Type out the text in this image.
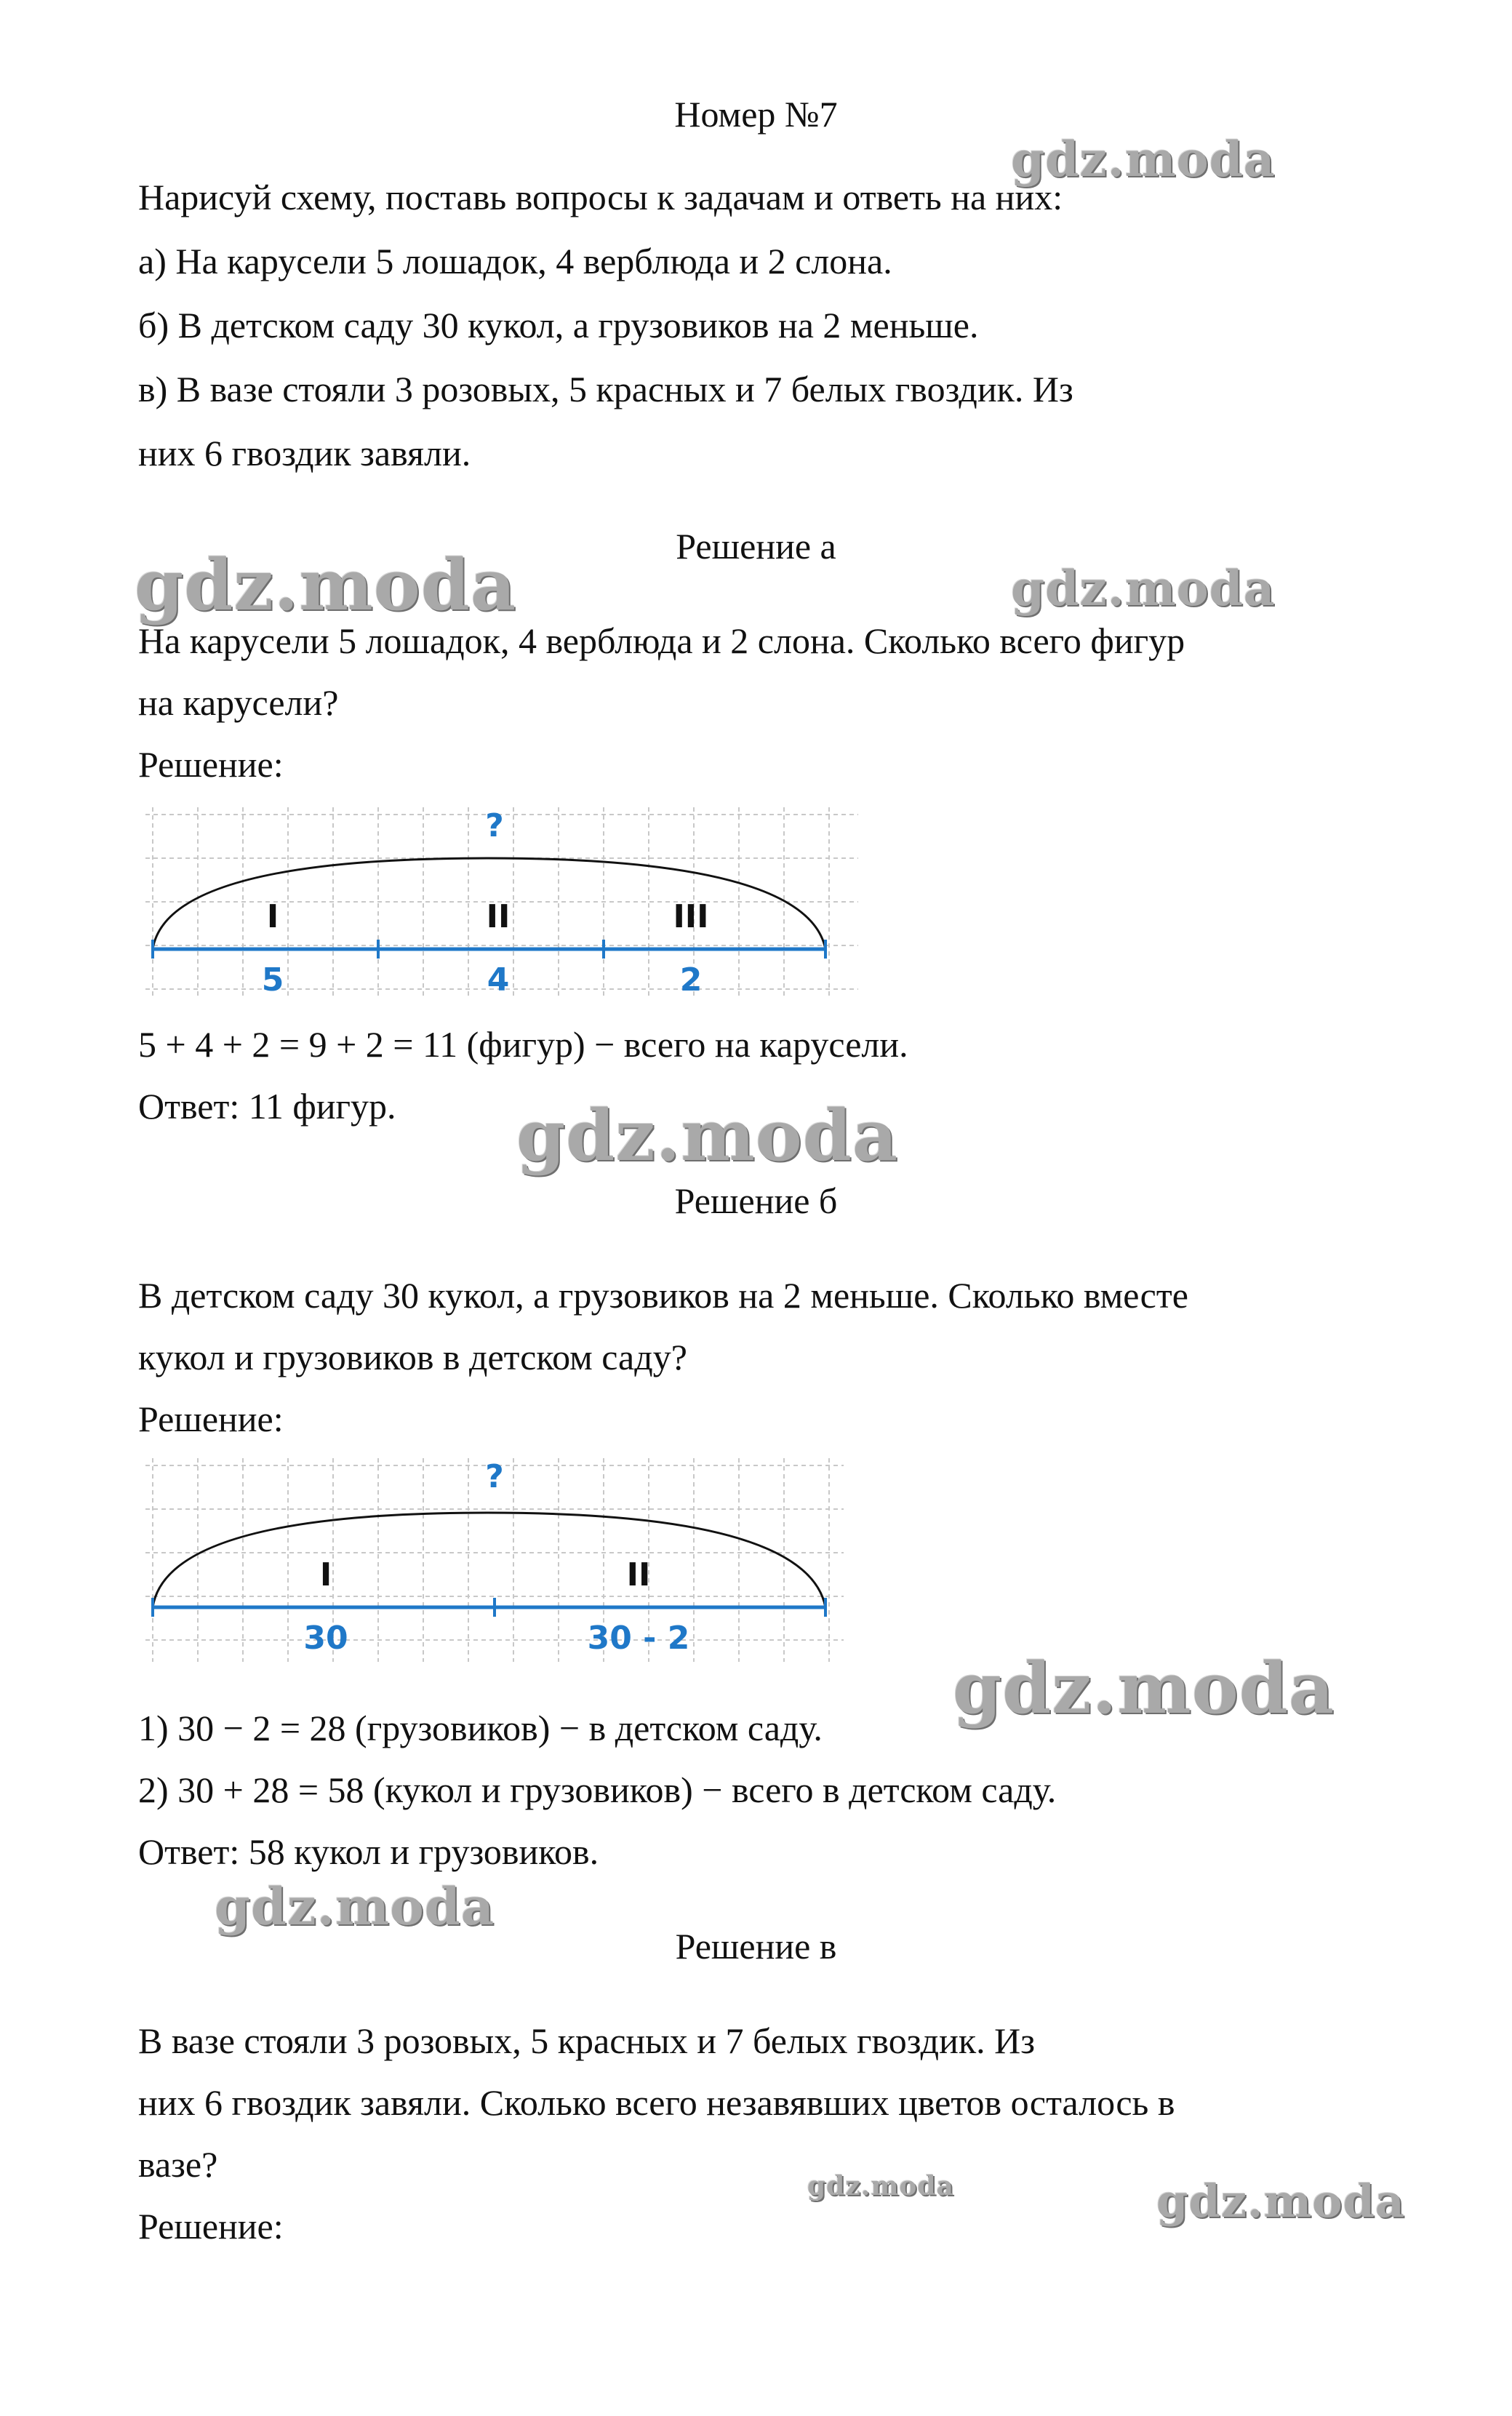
Номер №7
Нарисуй схему, поставь вопросы к задачам и ответь на них:
а) На карусели 5 лошадок, 4 верблюда и 2 слона.
б) В детском саду 30 кукол, а грузовиков на 2 меньше.
в) В вазе стояли 3 розовых, 5 красных и 7 белых гвоздик. Из
них 6 гвоздик завяли.
Решение а
На карусели 5 лошадок, 4 верблюда и 2 слона. Сколько всего фигур
на карусели?
Решение:
?
I	II	III
5	4	2
5 + 4 + 2 = 9 + 2 = 11 (фигур) − всего на карусели.
Ответ: 11 фигур.
Решение б
В детском саду 30 кукол, а грузовиков на 2 меньше. Сколько вместе
кукол и грузовиков в детском саду?
Решение:
?
I	II
30	30 - 2
1) 30 − 2 = 28 (грузовиков) − в детском саду.
2) 30 + 28 = 58 (кукол и грузовиков) − всего в детском саду.
Ответ: 58 кукол и грузовиков.
Решение в
В вазе стояли 3 розовых, 5 красных и 7 белых гвоздик. Из
них 6 гвоздик завяли. Сколько всего незавявших цветов осталось в
вазе?
Решение:
gdz.moda
gdz.moda	gdz.moda
gdz.moda
gdz.moda
gdz.moda
gdz.moda	gdz.moda
